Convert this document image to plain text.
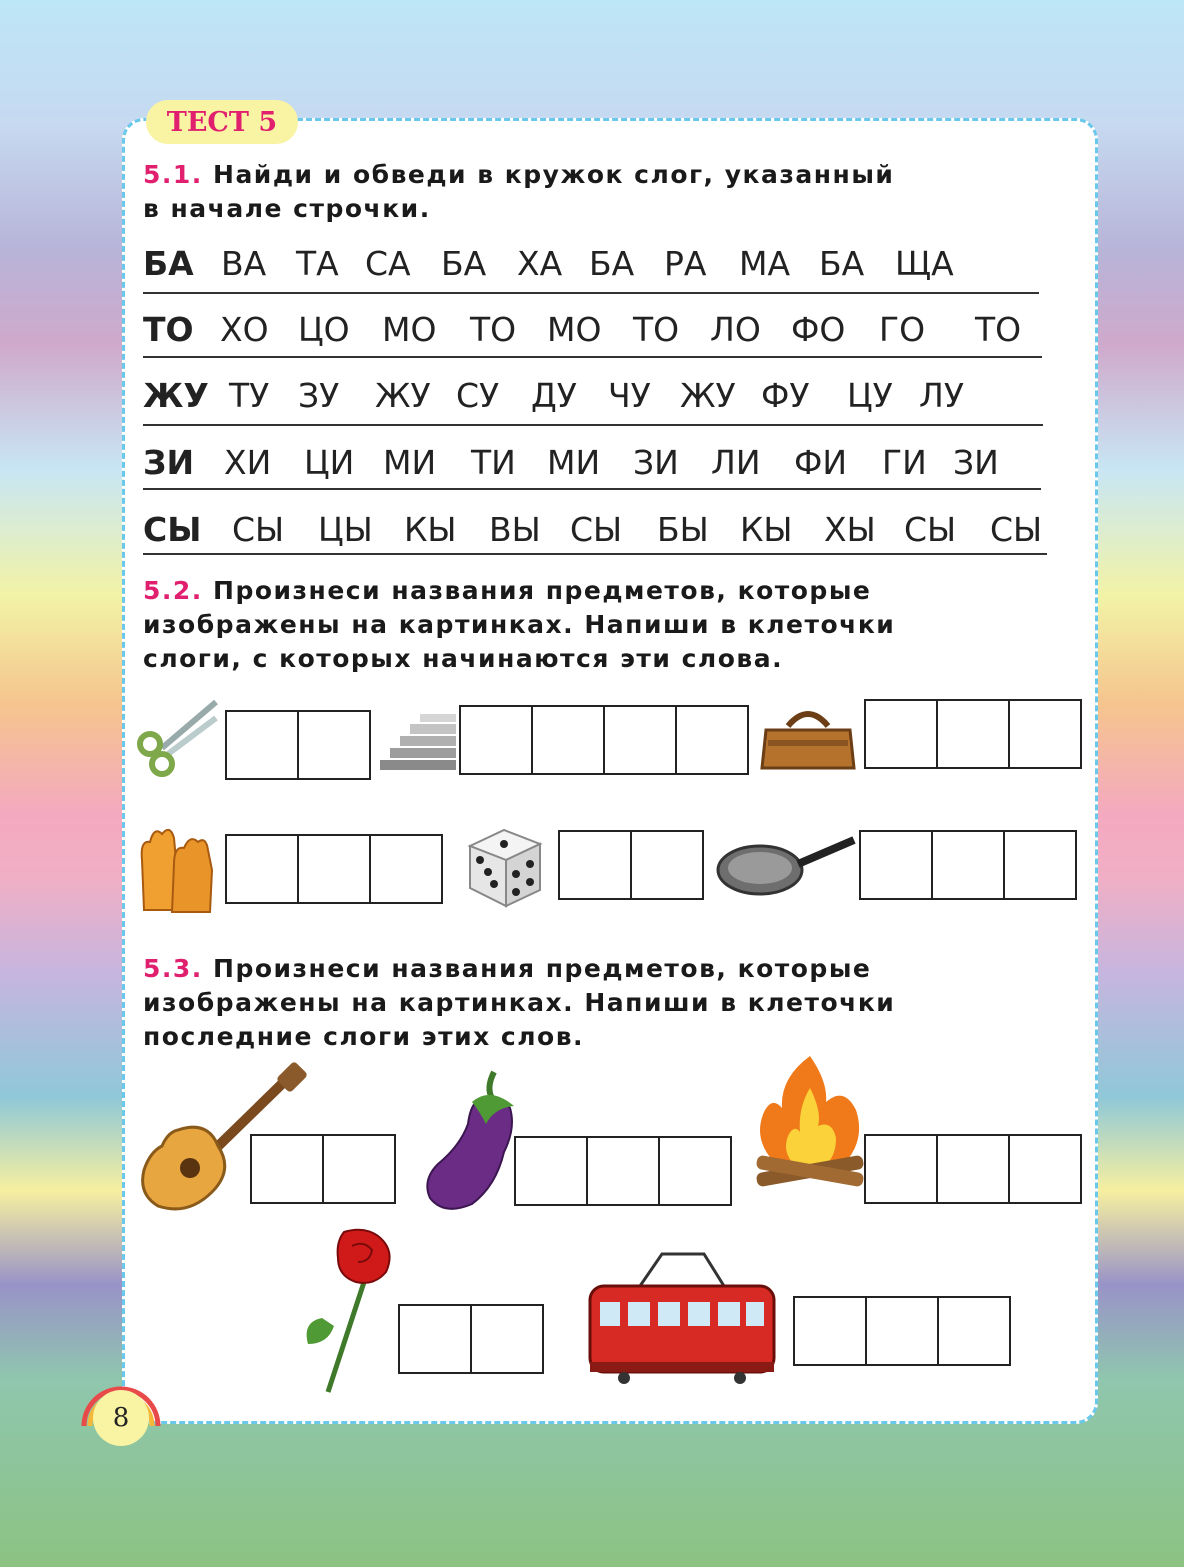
ТЕСТ 5
5.1. Найди и обведи в кружок слог, указанный
в начале строчки.
БА ВА ТА СА БА ХА БА РА МА БА ЩА
ТО ХО ЦО МО ТО МО ТО ЛО ФО ГО ТО
ЖУ ТУ ЗУ ЖУ СУ ДУ ЧУ ЖУ ФУ ЦУ ЛУ
ЗИ ХИ ЦИ МИ ТИ МИ ЗИ ЛИ ФИ ГИ ЗИ
СЫ СЫ ЦЫ КЫ ВЫ СЫ БЫ КЫ ХЫ СЫ СЫ
5.2. Произнеси названия предметов, которые
изображены на картинках. Напиши в клеточки
слоги, с которых начинаются эти слова.
5.3. Произнеси названия предметов, которые
изображены на картинках. Напиши в клеточки
последние слоги этих слов.
8
